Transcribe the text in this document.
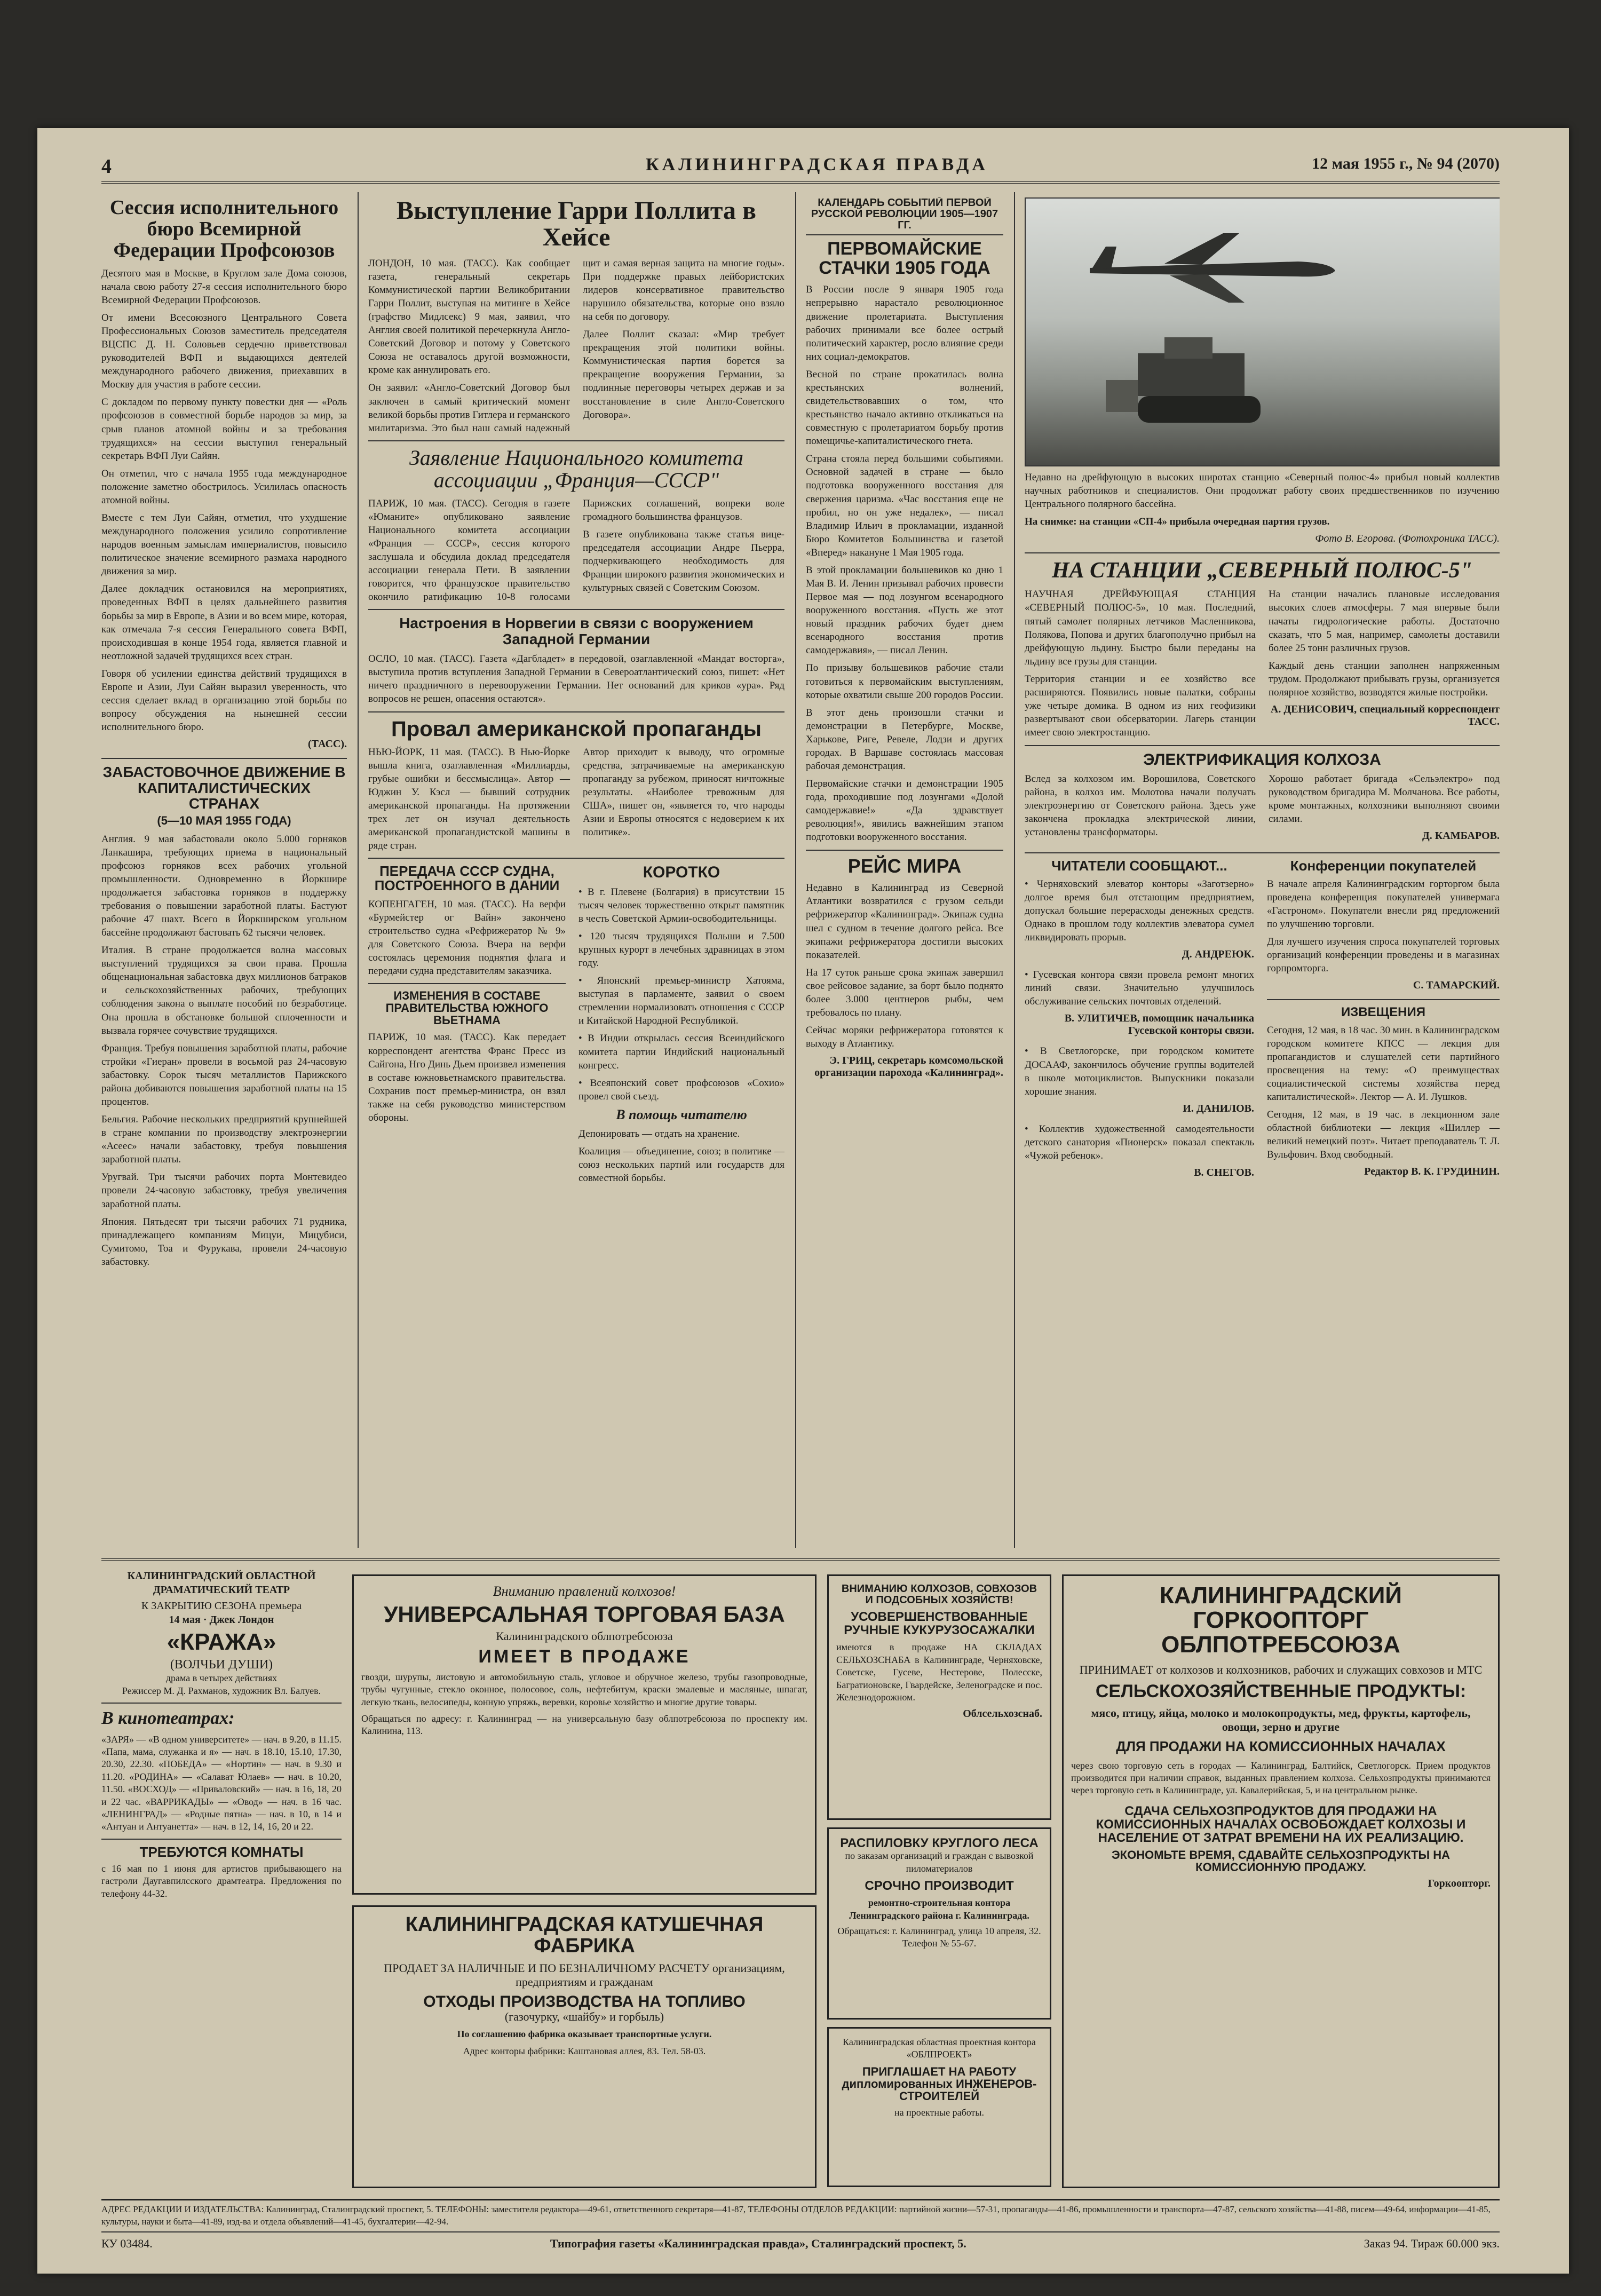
4	КАЛИНИНГРАДСКАЯ ПРАВДА	12 мая 1955 г., № 94 (2070)
Сессия исполнительного бюро Всемирной Федерации Профсоюзов

Десятого мая в Москве, в Круглом зале Дома союзов, начала свою работу 27-я сессия исполнительного бюро Всемирной Федерации Профсоюзов.

От имени Всесоюзного Центрального Совета Профессиональных Союзов заместитель председателя ВЦСПС Д. Н. Соловьев сердечно приветствовал руководителей ВФП и выдающихся деятелей международного рабочего движения, приехавших в Москву для участия в работе сессии.

С докладом по первому пункту повестки дня — «Роль профсоюзов в совместной борьбе народов за мир, за срыв планов атомной войны и за требования трудящихся» на сессии выступил генеральный секретарь ВФП Луи Сайян.

Он отметил, что с начала 1955 года международное положение заметно обострилось. Усилилась опасность атомной войны.

Вместе с тем Луи Сайян, отметил, что ухудшение международного положения усилило сопротивление народов военным замыслам империалистов, повысило политическое значение всемирного размаха народного движения за мир.

Далее докладчик остановился на мероприятиях, проведенных ВФП в целях дальнейшего развития борьбы за мир в Европе, в Азии и во всем мире, которая, как отмечала 7-я сессия Генерального совета ВФП, происходившая в конце 1954 года, является главной и неотложной задачей трудящихся всех стран.

Говоря об усилении единства действий трудящихся в Европе и Азии, Луи Сайян выразил уверенность, что сессия сделает вклад в организацию этой борьбы по вопросу обсуждения на нынешней сессии исполнительного бюро.

(ТАСС).
ЗАБАСТОВОЧНОЕ ДВИЖЕНИЕ В КАПИТАЛИСТИЧЕСКИХ СТРАНАХ
(5—10 МАЯ 1955 ГОДА)

Англия. 9 мая забастовали около 5.000 горняков Ланкашира, требующих приема в национальный профсоюз горняков всех рабочих угольной промышленности. Одновременно в Йоркшире продолжается забастовка горняков в поддержку требования о повышении заработной платы. Бастуют рабочие 47 шахт. Всего в Йоркширском угольном бассейне продолжают бастовать 62 тысячи человек.

Италия. В стране продолжается волна массовых выступлений трудящихся за свои права. Прошла общенациональная забастовка двух миллионов батраков и сельскохозяйственных рабочих, требующих соблюдения закона о выплате пособий по безработице. Она прошла в обстановке большой сплоченности и вызвала горячее сочувствие трудящихся.

Франция. Требуя повышения заработной платы, рабочие стройки «Гиеран» провели в восьмой раз 24-часовую забастовку. Сорок тысяч металлистов Парижского района добиваются повышения заработной платы на 15 процентов.

Бельгия. Рабочие нескольких предприятий крупнейшей в стране компании по производству электроэнергии «Асеес» начали забастовку, требуя повышения заработной платы.

Уругвай. Три тысячи рабочих порта Монтевидео провели 24-часовую забастовку, требуя увеличения заработной платы.

Япония. Пятьдесят три тысячи рабочих 71 рудника, принадлежащего компаниям Мицуи, Мицубиси, Сумитомо, Тоа и Фурукава, провели 24-часовую забастовку.

Выступление Гарри Поллита в Хейсе

ЛОНДОН, 10 мая. (ТАСС). Как сообщает газета, генеральный секретарь Коммунистической партии Великобритании Гарри Поллит, выступая на митинге в Хейсе (графство Мидлсекс) 9 мая, заявил, что Англия своей политикой перечеркнула Англо-Советский Договор и потому у Советского Союза не оставалось другой возможности, кроме как аннулировать его.

Он заявил: «Англо-Советский Договор был заключен в самый критический момент великой борьбы против Гитлера и германского милитаризма. Это был наш самый надежный щит и самая верная защита на многие годы». При поддержке правых лейбористских лидеров консервативное правительство нарушило обязательства, которые оно взяло на себя по договору.

Далее Поллит сказал: «Мир требует прекращения этой политики войны. Коммунистическая партия борется за прекращение вооружения Германии, за подлинные переговоры четырех держав и за восстановление в силе Англо-Советского Договора».

Заявление Национального комитета ассоциации „Франция—СССР"

ПАРИЖ, 10 мая. (ТАСС). Сегодня в газете «Юманите» опубликовано заявление Национального комитета ассоциации «Франция — СССР», сессия которого заслушала и обсудила доклад председателя ассоциации генерала Пети. В заявлении говорится, что французское правительство окончило ратификацию 10-8 голосами Парижских соглашений, вопреки воле громадного большинства французов.

В газете опубликована также статья вице-председателя ассоциации Андре Пьерра, подчеркивающего необходимость для Франции широкого развития экономических и культурных связей с Советским Союзом.

Настроения в Норвегии в связи с вооружением Западной Германии

ОСЛО, 10 мая. (ТАСС). Газета «Дагбладет» в передовой, озаглавленной «Мандат восторга», выступила против вступления Западной Германии в Североатлантический союз, пишет: «Нет ничего праздничного в перевооружении Германии. Нет оснований для криков «ура». Ряд вопросов не решен, опасения остаются».

Провал американской пропаганды

НЬЮ-ЙОРК, 11 мая. (ТАСС). В Нью-Йорке вышла книга, озаглавленная «Миллиарды, грубые ошибки и бессмыслица». Автор — Юджин У. Кэсл — бывший сотрудник американской пропаганды. На протяжении трех лет он изучал деятельность американской пропагандистской машины в ряде стран.

Автор приходит к выводу, что огромные средства, затрачиваемые на американскую пропаганду за рубежом, приносят ничтожные результаты. «Наиболее тревожным для США», пишет он, «является то, что народы Азии и Европы относятся с недоверием к их политике».

ПЕРЕДАЧА СССР СУДНА, ПОСТРОЕННОГО В ДАНИИ

КОПЕНГАГЕН, 10 мая. (ТАСС). На верфи «Бурмейстер ог Вайн» закончено строительство судна «Рефрижератор № 9» для Советского Союза. Вчера на верфи состоялась церемония поднятия флага и передачи судна представителям заказчика.

ИЗМЕНЕНИЯ В СОСТАВЕ ПРАВИТЕЛЬСТВА ЮЖНОГО ВЬЕТНАМА

ПАРИЖ, 10 мая. (ТАСС). Как передает корреспондент агентства Франс Пресс из Сайгона, Нго Динь Дьем произвел изменения в составе южновьетнамского правительства. Сохранив пост премьер-министра, он взял также на себя руководство министерством обороны.

КОРОТКО

• В г. Плевене (Болгария) в присутствии 15 тысяч человек торжественно открыт памятник в честь Советской Армии-освободительницы.

• 120 тысяч трудящихся Польши и 7.500 крупных курорт в лечебных здравницах в этом году.

• Японский премьер-министр Хатояма, выступая в парламенте, заявил о своем стремлении нормализовать отношения с СССР и Китайской Народной Республикой.

• В Индии открылась сессия Всеиндийского комитета партии Индийский национальный конгресс.

• Всеяпонский совет профсоюзов «Сохио» провел свой съезд.

В помощь читателю

Депонировать — отдать на хранение.

Коалиция — объединение, союз; в политике — союз нескольких партий или государств для совместной борьбы.

КАЛЕНДАРЬ СОБЫТИЙ ПЕРВОЙ РУССКОЙ РЕВОЛЮЦИИ 1905—1907 ГГ.
ПЕРВОМАЙСКИЕ СТАЧКИ 1905 ГОДА

В России после 9 января 1905 года непрерывно нарастало революционное движение пролетариата. Выступления рабочих принимали все более острый политический характер, росло влияние среди них социал-демократов.

Весной по стране прокатилась волна крестьянских волнений, свидетельствовавших о том, что крестьянство начало активно откликаться на совместную с пролетариатом борьбу против помещичье-капиталистического гнета.

Страна стояла перед большими событиями. Основной задачей в стране — было подготовка вооруженного восстания для свержения царизма. «Час восстания еще не пробил, но он уже недалек», — писал Владимир Ильич в прокламации, изданной Бюро Комитетов Большинства и газетой «Вперед» накануне 1 Мая 1905 года.

В этой прокламации большевиков ко дню 1 Мая В. И. Ленин призывал рабочих провести Первое мая — под лозунгом всенародного вооруженного восстания. «Пусть же этот новый праздник рабочих будет днем всенародного восстания против самодержавия», — писал Ленин.

По призыву большевиков рабочие стали готовиться к первомайским выступлениям, которые охватили свыше 200 городов России.

В этот день произошли стачки и демонстрации в Петербурге, Москве, Харькове, Риге, Ревеле, Лодзи и других городах. В Варшаве состоялась массовая рабочая демонстрация.

Первомайские стачки и демонстрации 1905 года, проходившие под лозунгами «Долой самодержавие!» «Да здравствует революция!», явились важнейшим этапом подготовки вооруженного восстания.

РЕЙС МИРА

Недавно в Калининград из Северной Атлантики возвратился с грузом сельди рефрижератор «Калининград». Экипаж судна шел с судном в течение долгого рейса. Все экипажи рефрижератора достигли высоких показателей.

На 17 суток раньше срока экипаж завершил свое рейсовое задание, за борт было поднято более 3.000 центнеров рыбы, чем требовалось по плану.

Сейчас моряки рефрижератора готовятся к выходу в Атлантику.

Э. ГРИЦ, секретарь комсомольской организации парохода «Калининград».

Недавно на дрейфующую в высоких широтах станцию «Северный полюс-4» прибыл новый коллектив научных работников и специалистов. Они продолжат работу своих предшественников по изучению Центрального полярного бассейна.

На снимке: на станции «СП-4» прибыла очередная партия грузов.

Фото В. Егорова. (Фотохроника ТАСС).
НА СТАНЦИИ „СЕВЕРНЫЙ ПОЛЮС-5"

НАУЧНАЯ ДРЕЙФУЮЩАЯ СТАНЦИЯ «СЕВЕРНЫЙ ПОЛЮС-5», 10 мая. Последний, пятый самолет полярных летчиков Масленникова, Полякова, Попова и других благополучно прибыл на дрейфующую льдину. Быстро были переданы на льдину все грузы для станции.

Территория станции и ее хозяйство все расширяются. Появились новые палатки, собраны уже четыре домика. В одном из них геофизики развертывают свои обсерватории. Лагерь станции имеет свою электростанцию.

На станции начались плановые исследования высоких слоев атмосферы. 7 мая впервые были начаты гидрологические работы. Достаточно сказать, что 5 мая, например, самолеты доставили более 25 тонн различных грузов.

Каждый день станции заполнен напряженным трудом. Продолжают прибывать грузы, организуется полярное хозяйство, возводятся жилые постройки.

А. ДЕНИСОВИЧ, специальный корреспондент ТАСС.
ЭЛЕКТРИФИКАЦИЯ КОЛХОЗА

Вслед за колхозом им. Ворошилова, Советского района, в колхоз им. Молотова начали получать электроэнергию от Советского района. Здесь уже закончена прокладка электрической линии, установлены трансформаторы.

Хорошо работает бригада «Сельэлектро» под руководством бригадира М. Молчанова. Все работы, кроме монтажных, колхозники выполняют своими силами.

Д. КАМБАРОВ.
ЧИТАТЕЛИ СООБЩАЮТ...

• Черняховский элеватор конторы «Заготзерно» долгое время был отстающим предприятием, допускал большие перерасходы денежных средств. Однако в прошлом году коллектив элеватора сумел ликвидировать прорыв.

Д. АНДРЕЮК.

• Гусевская контора связи провела ремонт многих линий связи. Значительно улучшилось обслуживание сельских почтовых отделений.

В. УЛИТИЧЕВ, помощник начальника Гусевской конторы связи.

• В Светлогорске, при городском комитете ДОСААФ, закончилось обучение группы водителей в школе мотоциклистов. Выпускники показали хорошие знания.

И. ДАНИЛОВ.

• Коллектив художественной самодеятельности детского санатория «Пионерск» показал спектакль «Чужой ребенок».

В. СНЕГОВ.
Конференции покупателей

В начале апреля Калининградским горторгом была проведена конференция покупателей универмага «Гастроном». Покупатели внесли ряд предложений по улучшению торговли.

Для лучшего изучения спроса покупателей торговых организаций конференции проведены и в магазинах горпромторга.

С. ТАМАРСКИЙ.
ИЗВЕЩЕНИЯ

Сегодня, 12 мая, в 18 час. 30 мин. в Калининградском городском комитете КПСС — лекция для пропагандистов и слушателей сети партийного просвещения на тему: «О преимуществах социалистической системы хозяйства перед капиталистической». Лектор — А. И. Лушков.

Сегодня, 12 мая, в 19 час. в лекционном зале областной библиотеки — лекция «Шиллер — великий немецкий поэт». Читает преподаватель Т. Л. Вульфович. Вход свободный.

Редактор В. К. ГРУДИНИН.
КАЛИНИНГРАДСКИЙ ОБЛАСТНОЙ ДРАМАТИЧЕСКИЙ ТЕАТР
К ЗАКРЫТИЮ СЕЗОНА премьера
14 мая · Джек Лондон
«КРАЖА»
(ВОЛЧЬИ ДУШИ)
драма в четырех действиях
Режиссер М. Д. Рахманов, художник Вл. Балуев.
В кинотеатрах:

«ЗАРЯ» — «В одном университете» — нач. в 9.20, в 11.15. «Папа, мама, служанка и я» — нач. в 18.10, 15.10, 17.30, 20.30, 22.30. «ПОБЕДА» — «Нортин» — нач. в 9.30 и 11.20. «РОДИНА» — «Салават Юлаев» — нач. в 10.20, 11.50. «ВОСХОД» — «Приваловский» — нач. в 16, 18, 20 и 22 час. «ВАРРИКАДЫ» — «Овод» — нач. в 16 час. «ЛЕНИНГРАД» — «Родные пятна» — нач. в 10, в 14 и «Антуан и Антуанетта» — нач. в 12, 14, 16, 20 и 22.

ТРЕБУЮТСЯ КОМНАТЫ

с 16 мая по 1 июня для артистов прибывающего на гастроли Даугавпилсского драмтеатра. Предложения по телефону 44-32.

Вниманию правлений колхозов!
УНИВЕРСАЛЬНАЯ ТОРГОВАЯ БАЗА
Калининградского облпотребсоюза
ИМЕЕТ В ПРОДАЖЕ

гвозди, шурупы, листовую и автомобильную сталь, угловое и обручное железо, трубы газопроводные, трубы чугунные, стекло оконное, полосовое, соль, нефтебитум, краски эмалевые и масляные, шпагат, легкую ткань, велосипеды, конную упряжь, веревки, коровье хозяйство и многие другие товары.

Обращаться по адресу: г. Калининград — на универсальную базу облпотребсоюза по проспекту им. Калинина, 113.

КАЛИНИНГРАДСКАЯ КАТУШЕЧНАЯ ФАБРИКА
ПРОДАЕТ ЗА НАЛИЧНЫЕ И ПО БЕЗНАЛИЧНОМУ РАСЧЕТУ организациям, предприятиям и гражданам
ОТХОДЫ ПРОИЗВОДСТВА НА ТОПЛИВО
(газочурку, «шайбу» и горбыль)
По соглашению фабрика оказывает транспортные услуги.
Адрес конторы фабрики: Каштановая аллея, 83. Тел. 58-03.
ВНИМАНИЮ КОЛХОЗОВ, СОВХОЗОВ И ПОДСОБНЫХ ХОЗЯЙСТВ!
УСОВЕРШЕНСТВОВАННЫЕ РУЧНЫЕ КУКУРУЗОСАЖАЛКИ

имеются в продаже НА СКЛАДАХ СЕЛЬХОЗСНАБА в Калининграде, Черняховске, Советске, Гусеве, Нестерове, Полесске, Багратионовске, Гвардейске, Зеленоградске и пос. Железнодорожном.

Облсельхозснаб.
РАСПИЛОВКУ КРУГЛОГО ЛЕСА
по заказам организаций и граждан с вывозкой пиломатериалов
СРОЧНО ПРОИЗВОДИТ
ремонтно-строительная контора Ленинградского района г. Калининграда.
Обращаться: г. Калининград, улица 10 апреля, 32. Телефон № 55-67.
Калининградская областная проектная контора «ОБЛПРОЕКТ»
ПРИГЛАШАЕТ НА РАБОТУ дипломированных ИНЖЕНЕРОВ-СТРОИТЕЛЕЙ
на проектные работы.
КАЛИНИНГРАДСКИЙ ГОРКООПТОРГ ОБЛПОТРЕБСОЮЗА
ПРИНИМАЕТ от колхозов и колхозников, рабочих и служащих совхозов и МТС
СЕЛЬСКОХОЗЯЙСТВЕННЫЕ ПРОДУКТЫ:
мясо, птицу, яйца, молоко и молокопродукты, мед, фрукты, картофель, овощи, зерно и другие
ДЛЯ ПРОДАЖИ НА КОМИССИОННЫХ НАЧАЛАХ

через свою торговую сеть в городах — Калининград, Балтийск, Светлогорск. Прием продуктов производится при наличии справок, выданных правлением колхоза. Сельхозпродукты принимаются через торговую сеть в Калининграде, ул. Кавалерийская, 5, и на центральном рынке.

СДАЧА СЕЛЬХОЗПРОДУКТОВ ДЛЯ ПРОДАЖИ НА КОМИССИОННЫХ НАЧАЛАХ ОСВОБОЖДАЕТ КОЛХОЗЫ И НАСЕЛЕНИЕ ОТ ЗАТРАТ ВРЕМЕНИ НА ИХ РЕАЛИЗАЦИЮ.
ЭКОНОМЬТЕ ВРЕМЯ, СДАВАЙТЕ СЕЛЬХОЗПРОДУКТЫ НА КОМИССИОННУЮ ПРОДАЖУ.
Горкоопторг.

АДРЕС РЕДАКЦИИ И ИЗДАТЕЛЬСТВА: Калининград, Сталинградский проспект, 5. ТЕЛЕФОНЫ: заместителя редактора—49-61, ответственного секретаря—41-87, ТЕЛЕФОНЫ ОТДЕЛОВ РЕДАКЦИИ: партийной жизни—57-31, пропаганды—41-86, промышленности и транспорта—47-87, сельского хозяйства—41-88, писем—49-64, информации—41-85, культуры, науки и быта—41-89, изд-ва и отдела объявлений—41-45, бухгалтерии—42-94.

КУ 03484.	Типография газеты «Калининградская правда», Сталинградский проспект, 5.	Заказ 94. Тираж 60.000 экз.
